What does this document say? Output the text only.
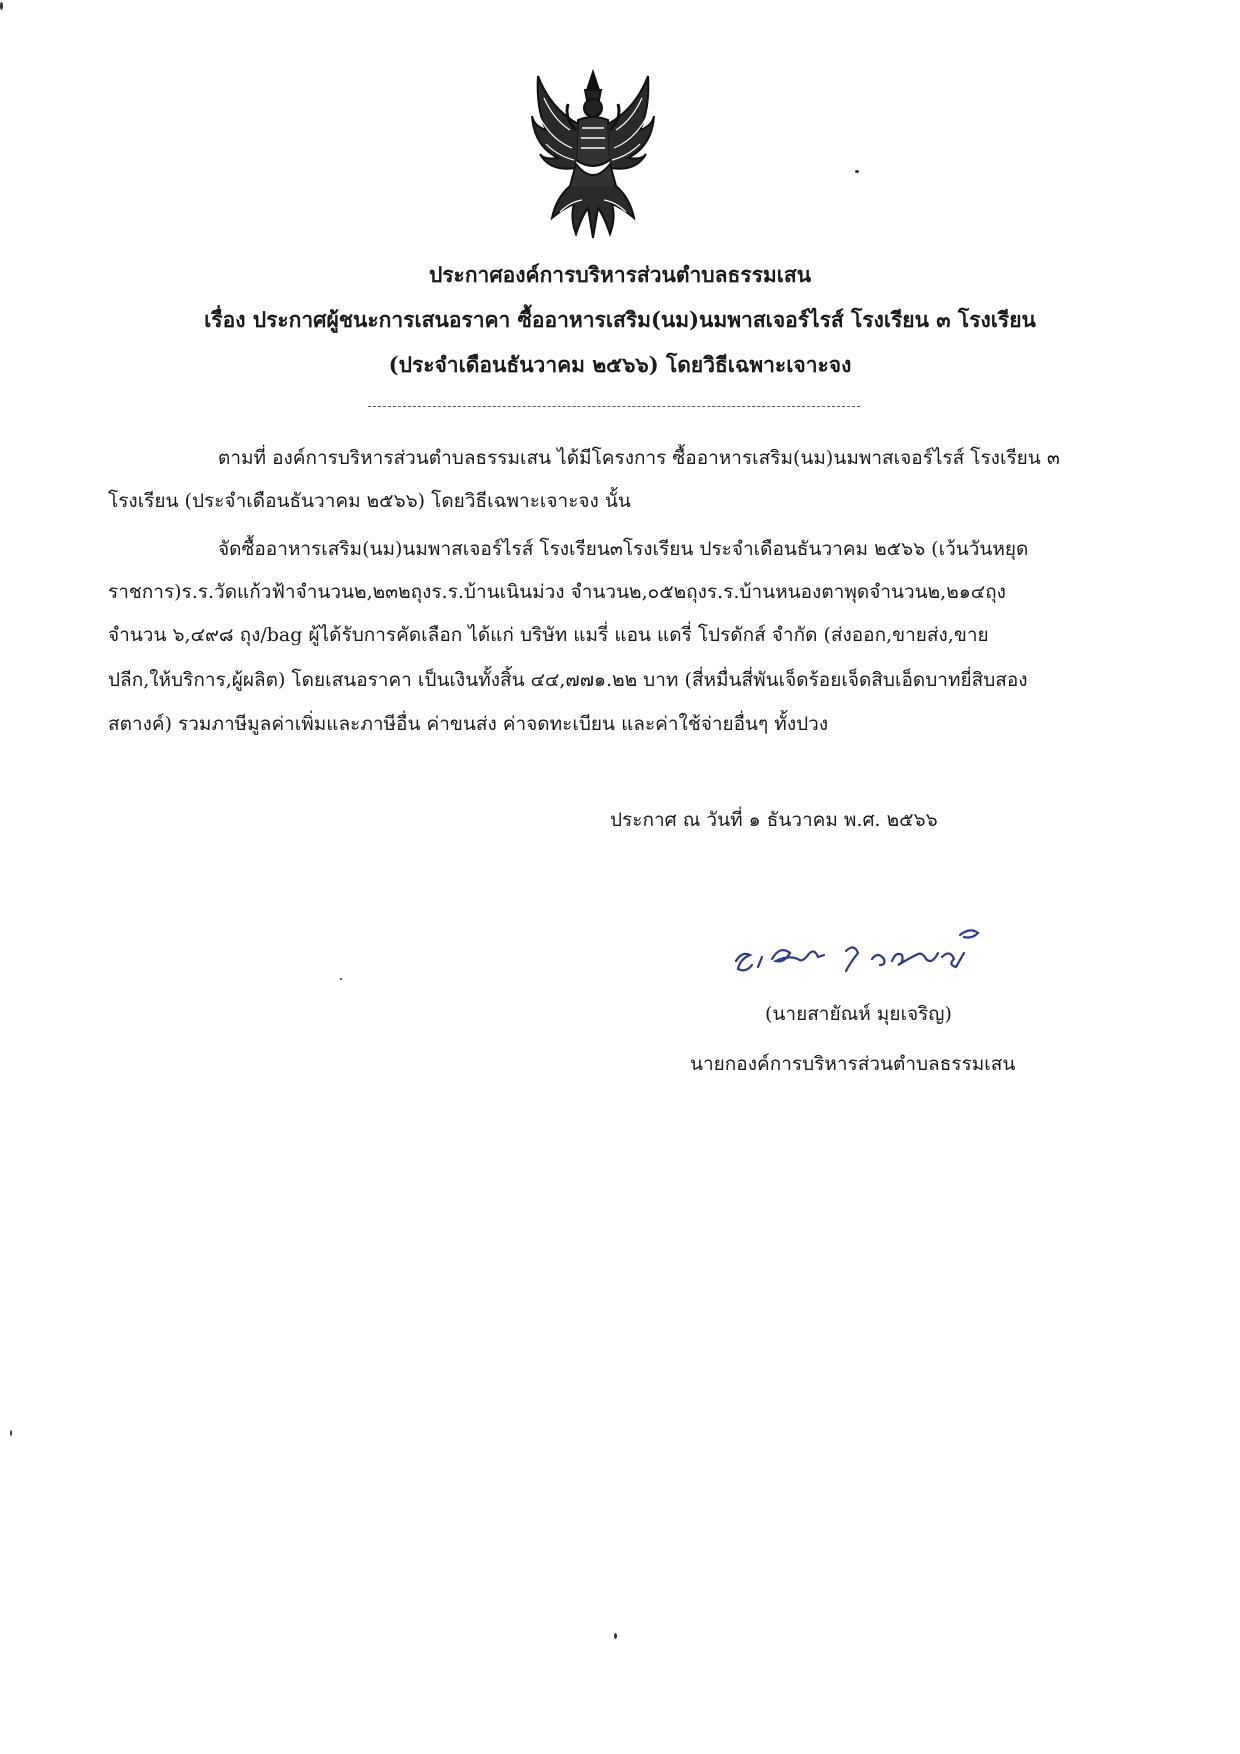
ประกาศองค์การบริหารส่วนตำบลธรรมเสน
เรื่อง ประกาศผู้ชนะการเสนอราคา ซื้ออาหารเสริม(นม)นมพาสเจอร์ไรส์ โรงเรียน ๓ โรงเรียน
(ประจำเดือนธันวาคม ๒๕๖๖) โดยวิธีเฉพาะเจาะจง
ตามที่ องค์การบริหารส่วนตำบลธรรมเสน ได้มีโครงการ ซื้ออาหารเสริม(นม)นมพาสเจอร์ไรส์ โรงเรียน ๓
โรงเรียน (ประจำเดือนธันวาคม ๒๕๖๖) โดยวิธีเฉพาะเจาะจง นั้น
จัดซื้ออาหารเสริม(นม)นมพาสเจอร์ไรส์ โรงเรียน๓โรงเรียน ประจำเดือนธันวาคม ๒๕๖๖ (เว้นวันหยุด
ราชการ)ร.ร.วัดแก้วฟ้าจำนวน๒,๒๓๒ถุงร.ร.บ้านเนินม่วง จำนวน๒,๐๕๒ถุงร.ร.บ้านหนองตาพุดจำนวน๒,๒๑๔ถุง
จำนวน ๖,๔๙๘ ถุง/bag ผู้ได้รับการคัดเลือก ได้แก่ บริษัท แมรี่ แอน แดรี่ โปรดักส์ จำกัด (ส่งออก,ขายส่ง,ขาย
ปลีก,ให้บริการ,ผู้ผลิต) โดยเสนอราคา เป็นเงินทั้งสิ้น ๔๔,๗๗๑.๒๒ บาท (สี่หมื่นสี่พันเจ็ดร้อยเจ็ดสิบเอ็ดบาทยี่สิบสอง
สตางค์) รวมภาษีมูลค่าเพิ่มและภาษีอื่น ค่าขนส่ง ค่าจดทะเบียน และค่าใช้จ่ายอื่นๆ ทั้งปวง
ประกาศ ณ วันที่ ๑ ธันวาคม พ.ศ. ๒๕๖๖
(นายสายัณห์ มุยเจริญ)
นายกองค์การบริหารส่วนตำบลธรรมเสน
